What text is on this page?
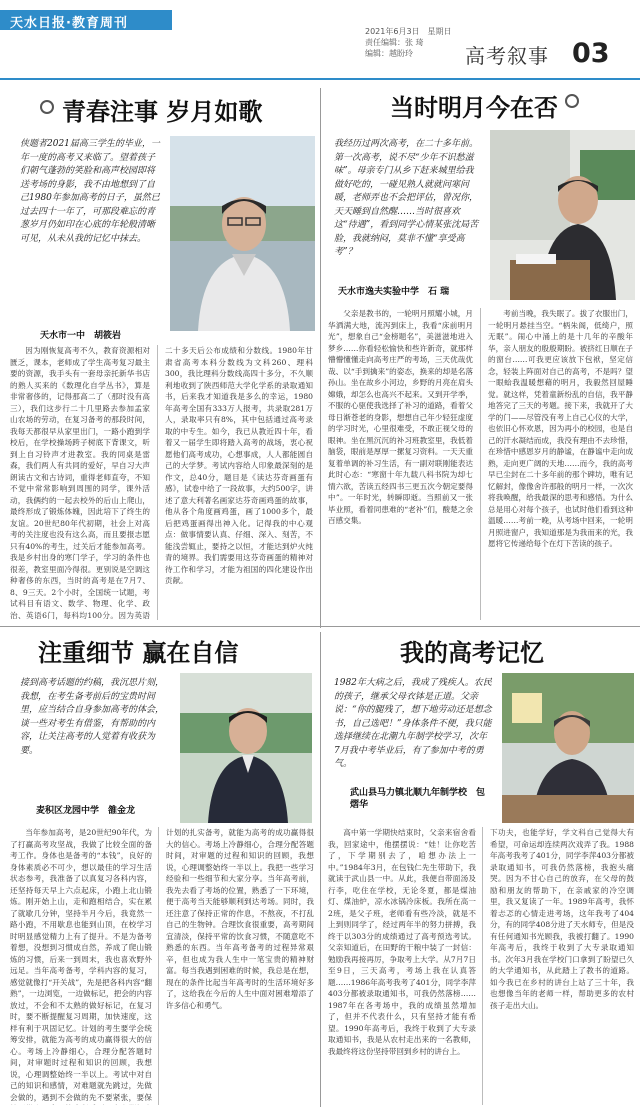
天水日报·教育周刊
2021年6月3日　星期日
责任编辑：张 琦
编辑：越盼玲	高考叙事 03
青春注事 岁月如歌
侠题者2021届高三学生的毕业，一年一度的高考又来临了。望着孩子们朝气蓬勃的笑脸和高声校园即将送考场的身影，我不由地想到了自己1980年参加高考的日子，虽然已过去四十一年了，可那段难忘的青葱岁月仍如印在心底的年轮般清晰可见，从未从我的记忆中抹去。
天水市一中　胡筱岩

因为刚恢复高考不久，教育资源相对匮乏，课本，老师成了学生高考复习最主要的资源，我手头有一套母亲托新华书店的熟人买来的《数理化自学丛书》，算是非常奢侈的，记得那高二了（那时没有高三），我们这步行二十几里路去参加孟家山农场的劳动，在复习备考的那段时间，我每天都很早从家里出门，一路小跑到学校后，在学校操场跨子树底下背课文，听到上自习铃声才进教室。我的同桌是雷森，我们两人有共同的爱好，早自习大声朗读古文和古诗词，重得老师直夸，不知不觉中常常影响到周围的同学，课外活动，我俩约的一起去校外的后山上爬山，最终形成了锻炼体魄，因此培下了终生的友谊。20世纪80年代初期，社会上对高考的关注度也没有这么高，而且要报志愿只有40%的考生，过关后才能参加高考。我是乡村出身的寒门学子，学习的条件也很差，教室里面冷得很。更别说是空调这种奢侈的东西，当时的高考是在7月7、8、9三天。2个小时，全国统一试题，考试科目有语文、数学、物理、化学、政治、英语6门，每科均100分。因为英语

二十多天后公布成绩和分数线。1980年甘肃省高考本科分数线为文科260、理科300，我比理科分数线高四十多分，不久顺利地收到了陕西师范大学化学系的录取通知书，后来我才知道我是多么的幸运，1980年高考全国有333万人报考，共录取281万人，录取率只有8%，其中包括通过高考录取的中专生。如今，我已从教近四十年，看着又一届学生即将踏入高考的战场，衷心祝愿他们高考成功，心想事成，人人都能圆自己的大学梦。考试内容给人印象最深刻的是作文，总40分，题目是《读达芬奇画蛋有感》，试卷中给了一段故事，大约500字，讲述了意大利著名画家达芬奇画鸡蛋的故事，他从各个角度画鸡蛋，画了1000多个，最后把鸡蛋画得出神入化。记得我的中心观点：做事情要认真、仔细、深入、刻苦，不能浅尝辄止，要持之以恒，才能达到炉火纯青的境界。我们需要用这芬奇画蛋的精神对待工作和学习，才能为祖国的四化建设作出贡献。

当时明月今在否
我经历过两次高考，在二十多年前。第一次高考，说不尽“少年不识愁滋味”。母亲专门从乡下赶来城里给我做好吃的，一碰见熟人就就问寒问暖，老师弄也不会把评估，曾况你，天天睡到自然醒……当时很喜欢这“待遇”，看到同学心情某张沈局苦脸，我就纳闷，莫非不懂“享受高考”？
天水市逸夫实验中学　石 瑞

父亲是教书的，一轮明月照耀小城，月华洒满大地，流泻到床上，我看“床前明月光”，想象自己“金榜题名”，美滋滋地进入梦乡……你看轻松愉快和些许新奇，就那样懵懵懂懂走向高考庄严的考场，三天优哉优哉、以“手到擒来”的姿态，换来的却是名落孙山。坐在故乡小河边，乡野的月亮在肩头嫦娥，却怎么也高兴不起来。又到开学季，不服的心驱使我选择了补习的道路，看着父母日渐苍老的身影，想想自己年少轻狂虚度的学习时光，心里很难受，不敢正视父母的眼神。坐在黑沉沉的补习班教室里，我低着脑袋，眼前是厚厚一摞复习资料。一天天重复着单调的补习生活，有一副对联刚能表达此时心态：“寒窗十年九载八科书院为却七情六欲，苦读五经四书三更五次今朝定要得中”。一年时光，转瞬即逝。当照前又一张毕业照，看着同患难的“老补”们，酸楚之余百感交集。

考前当晚，我失眠了。拔了衣服出门，一轮明月悬挂当空。“柄朱阁，低绮户，照无眠”。闹心中涌上的是十几年的辛酸年华，亲人朋友的殷殷期盼。被挤红日顺在子的窗台……可我更应该放下包袱，坚定信念，轻装上阵面对自己的高考，不是吗？望一眼蛤我温暖想藉的明月，我毅然回屋睡觉。就这样，凭着童新纷乱的自信，我平静地答完了三天的考题。接下来，我就开了大学的门——尽管没有考上自己心仪的大学，也依旧心怀欢恩，因为再小的校园，也是自己的汗水凝结而成，我没有理由不去珍惜，在珍惜中感恩岁月的静谧，在静谧中走向成熟，走向更广阔的天地……而今，我的高考早已尘封在二十多年前的那个碑坊，唯有记忆解封，像像舍许那般的明月一样，一次次将我唤醒，给我最深的思考和感悟。为什么总是用心对每个孩子，也试时他们看到这种温暖……考前一晚，从考场中回来，一轮明月照进窗户，我知道那是为我而来的光，我愿将它传递给每个在灯下苦读的孩子。

注重细节 赢在自信
接到高考话题的约稿，我沉思片刻，我想，在考生备考前后的宝贵时间里，应当结合自身参加高考的体会，谈一些对考生有借鉴，有帮助的内容，让关注高考的人觉着有收获为要。
麦积区龙园中学　雒金龙

当年参加高考，是20世纪90年代，为了打赢高考攻坚战，我做了比较全面的备考工作。身体也是备考的“本钱”，良好的身体素质必不可少，想以最佳的学习生活状态参考，我准备了以真复习各科内容，还坚持每天早上六点起床，小跑上北山锻炼。刚开始上山，走和跑相结合，实在累了就歇几分钟，坚持半月今后，我竟然一路小跑，不用歇息也能到山顶，在校学习时明显感觉精力上有了提升。不是为备考着想，没想到习惯成自然，养成了爬山锻炼的习惯，后来一到周末，我也喜欢野外远足。当年高考备考，学科内容的复习，感觉就像打“开关战”，先是把各科内容“翻熟”，一边浏览，一边做标记，把会的内容放过，不会和不太熟的做好标记，在复习时，要不断提醒复习周期，加快速度，这样有利于巩固记忆。计划的考生要学会统筹安排，就能为高考的成功赢得很大的信心。考场上冷静细心，合理分配答题时间，对审题时过程和知识的回顾，我想说，心理调整始终一半以上。考试中对自己的知识和感情，对难题就先跳过，先做会做的，遇到不会做的先不要紧张，要保

计划的扎实备考，就能为高考的成功赢得很大的信心。考场上冷静细心，合理分配答题时间，对审题的过程和知识的回顾，我想说，心理调整始终一半以上。我把一些学习经验和一些细节和大家分享。当年高考前，我先去看了考场的位置，熟悉了一下环境，便于高考当天能够顺利到达考场。同时，我还注意了保持正常的作息，不熬夜，不打乱自己的生物钟。合理饮食很重要，高考期间宜清淡，保持平常的饮食习惯，不随意吃不熟悉的东西。当年高考备考的过程异常艰辛，但也成为我人生中一笔宝贵的精神财富。每当我遇到困难的时候，我总是在想，现在的条件比起当年高考时的生活环境好多了，这给我在今后的人生中面对困难增添了许多信心和勇气。

我的高考记忆
1982年大病之后，我成了残疾人。农民的孩子，继承父母衣钵是正道。父亲说：“你的腿残了，想下地劳动还是想念书，自己选吧！”身体条件不便，我只能选择继续在北潮九年制学校学习，次年7月我中考毕业后，有了参加中考的勇气。
武山县马力镇北顺九年制学校　包熠华

高中第一学期快结束时，父亲来宿舍看我，回家途中，他摆摆说：“娃！让你吃苦了，下学期别去了，咱想办法上一中。”1984年3月，在包钱仁先生带助下，我就读于武山县一中。从此，我便自带面汤及行李，吃住在学校，无论冬夏，都是煤油灯、煤油炉，凉水冰锅冷床板。我所在高一2班，是父子班，老师看有些冷淡，就是不上到则同学了，经过两年半的努力拼搏，我终于以303分的成绩通过了高考预选考试。父亲知道后，在田野的干粮中装了一封信：勉励我再接再厉，争取考上大学。从7月7日至9日，三天高考，考场上我在认真答题……1986年高考我考了401分，同学李萍403分都被录取通知书，可我仍然落榜……1987年在各考场中，我的成绩虽然增加了，但并不代表什么，只有坚持才能有希望。1990年高考后，我终于收到了大专录取通知书，我是从农村走出来的一名教师，我最终将这份坚持带回到乡村的讲台上。

下功夫，也能学好，学文科自己觉得大有希望，可命运却连续两次戏弄了我。1988年高考我考了401分，同学李萍403分都被录取通知书，可我仍然落榜，我抱头痛哭。因为不甘心自己的放弃，在父母的鼓励和朋友的帮助下，在亲戚家的冷空调里，我又复读了一年。1989年高考，我怀着忐忑的心情走进考场，这年我考了404分，有的同学408分进了天水师专，但是没有任何通知书光顾我，我被打翻了。1990年高考后，我终于收到了大专录取通知书。次年3月我在学校门口拿到了盼望已久的大学通知书，从此踏上了教书的道路。如今我已在乡村的讲台上站了三十年，我也想像当年的老师一样，帮助更多的农村孩子走出大山。
